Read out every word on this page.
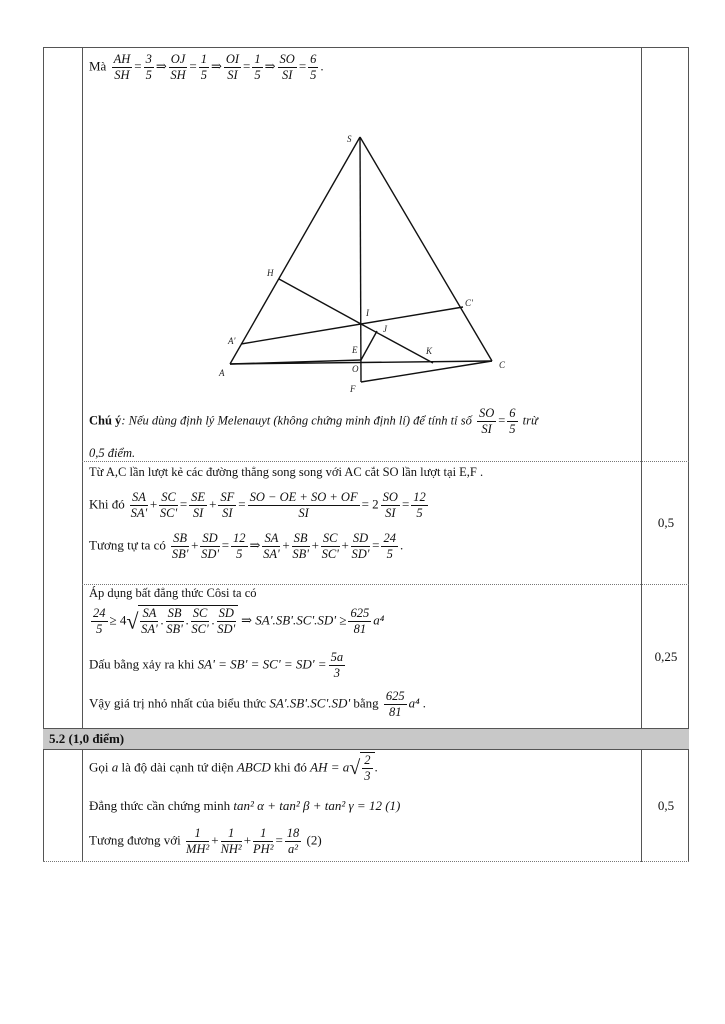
Mà $\frac{AH}{SH} = \frac{3}{5}$ ⇒ $\frac{OJ}{SH} = \frac{1}{5}$ ⇒ $\frac{OI}{SI} = \frac{1}{5}$ ⇒ $\frac{SO}{SI} = \frac{6}{5}$ .
S
H
C'
I
J
A'
E	K
A	O	C
F
Chú ý: Nếu dùng định lý Melenauyt (không chứng minh định lí) để tính tỉ số $\frac{SO}{SI} = \frac{6}{5}$ trừ
0,5 điểm.
Từ A,C lần lượt kẻ các đường thẳng song song với AC cắt SO lần lượt tại E,F .
Khi đó $\frac{SA}{SA'} + \frac{SC}{SC'} = \frac{SE}{SI} + \frac{SF}{SI} = \frac{SO - OE + SO + OF}{SI} = 2 \frac{SO}{SI} = \frac{12}{5}$
Tương tự ta có $\frac{SB}{SB'} + \frac{SD}{SD'} = \frac{12}{5}$ ⇒ $\frac{SA}{SA'} + \frac{SB}{SB'} + \frac{SC}{SC'} + \frac{SD}{SD'} = \frac{24}{5}$ .
0,5
Áp dụng bất đẳng thức Côsi ta có
$\frac{24}{5} \ge 4√ \frac{SA}{SA'}$ . $\frac{SB}{SB'}$ . $\frac{SC}{SC'}$ . $\frac{SD}{SD'}$ ⇒ $SA'.SB'.SC'.SD' \ge \frac{625}{81} a^4$
Dấu bằng xảy ra khi $SA' = SB' = SC' = SD' = \frac{5a}{3}$
Vậy giá trị nhỏ nhất của biểu thức SA'.SB'.SC'.SD' bằng $\frac{625}{81} a^4$ .
0,25
5.2 (1,0 điểm)
Gọi a là độ dài cạnh tứ diện ABCD khi đó AH = $a√ \frac{2}{3}$ .
Đẳng thức cần chứng minh tan² α + tan² β + tan² γ = 12 (1)
Tương đương với $\frac{1}{\text{MH²}} + \frac{1}{\text{NH²}} + \frac{1}{\text{PH²}} = \frac{18}{\text{a²}} (2)$
0,5
